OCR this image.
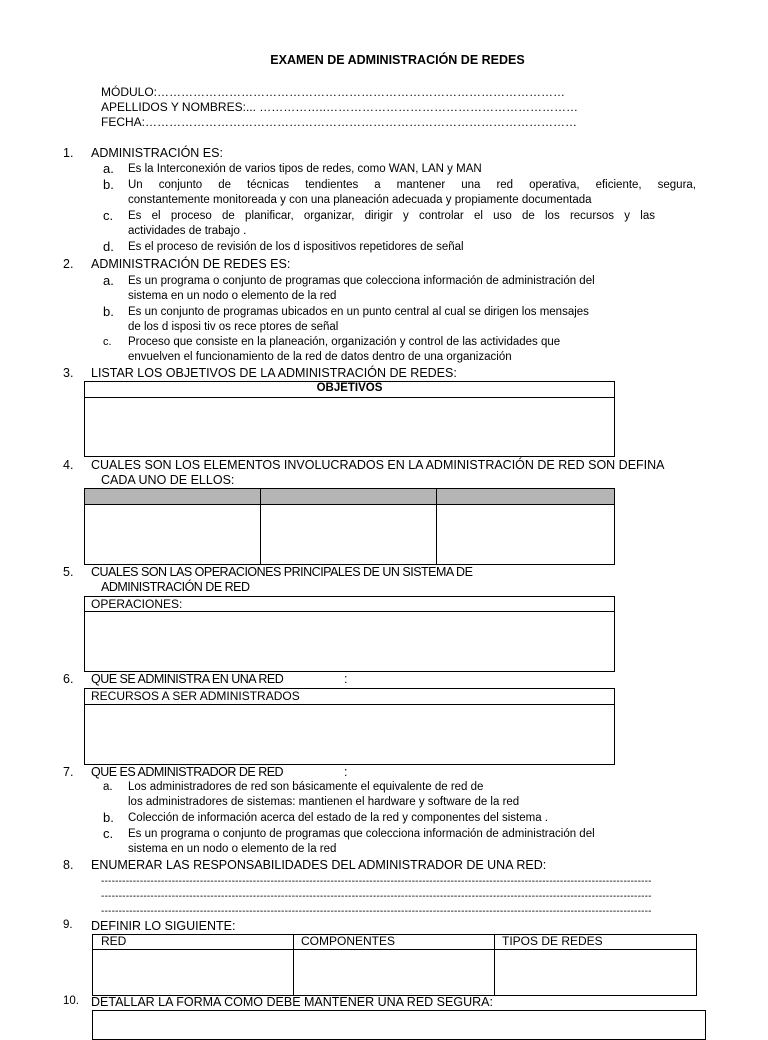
EXAMEN DE ADMINISTRACIÓN DE REDES
MÓDULO:…………………………………………………………………………………………
APELLIDOS Y NOMBRES:... ……………..………………………………………………………
FECHA:………………………………………………………………………………………………
1. ADMINISTRACIÓN ES:
a. Es la Interconexión de varios tipos de redes, como WAN, LAN y MAN
b. Un conjunto de técnicas tendientes a mantener una red operativa, eficiente, segura,
constantemente monitoreada y con una planeación adecuada y propiamente documentada
c. Es el proceso de planificar, organizar, dirigir y controlar el uso de los recursos y las
actividades de trabajo .
d. Es el proceso de revisión de los d ispositivos repetidores de señal
2. ADMINISTRACIÓN DE REDES ES:
a. Es un programa o conjunto de programas que colecciona información de administración del
sistema en un nodo o elemento de la red
b. Es un conjunto de programas ubicados en un punto central al cual se dirigen los mensajes
de los d isposi tiv os rece ptores de señal
c. Proceso que consiste en la planeación, organización y control de las actividades que
envuelven el funcionamiento de la red de datos dentro de una organización
3. LISTAR LOS OBJETIVOS DE LA ADMINISTRACIÓN DE REDES:
OBJETIVOS
4. CUALES SON LOS ELEMENTOS INVOLUCRADOS EN LA ADMINISTRACIÓN DE RED SON DEFINA
CADA UNO DE ELLOS:
5. CUALES SON LAS OPERACIONES PRINCIPALES DE UN SISTEMA DE
ADMINISTRACIÓN DE RED
OPERACIONES:
6. QUE SE ADMINISTRA EN UNA RED	:
RECURSOS A SER ADMINISTRADOS
7. QUE ES ADMINISTRADOR DE RED	:
a. Los administradores de red son básicamente el equivalente de red de
los administradores de sistemas: mantienen el hardware y software de la red
b. Colección de información acerca del estado de la red y componentes del sistema .
c. Es un programa o conjunto de programas que colecciona información de administración del
sistema en un nodo o elemento de la red
8. ENUMERAR LAS RESPONSABILIDADES DEL ADMINISTRADOR DE UNA RED:
------------------------------------------------------------------------------------------------------------------------------------------------------------
------------------------------------------------------------------------------------------------------------------------------------------------------------
------------------------------------------------------------------------------------------------------------------------------------------------------------
9. DEFINIR LO SIGUIENTE:
RED	COMPONENTES	TIPOS DE REDES
10. DETALLAR LA FORMA COMO DEBE MANTENER UNA RED SEGURA:
